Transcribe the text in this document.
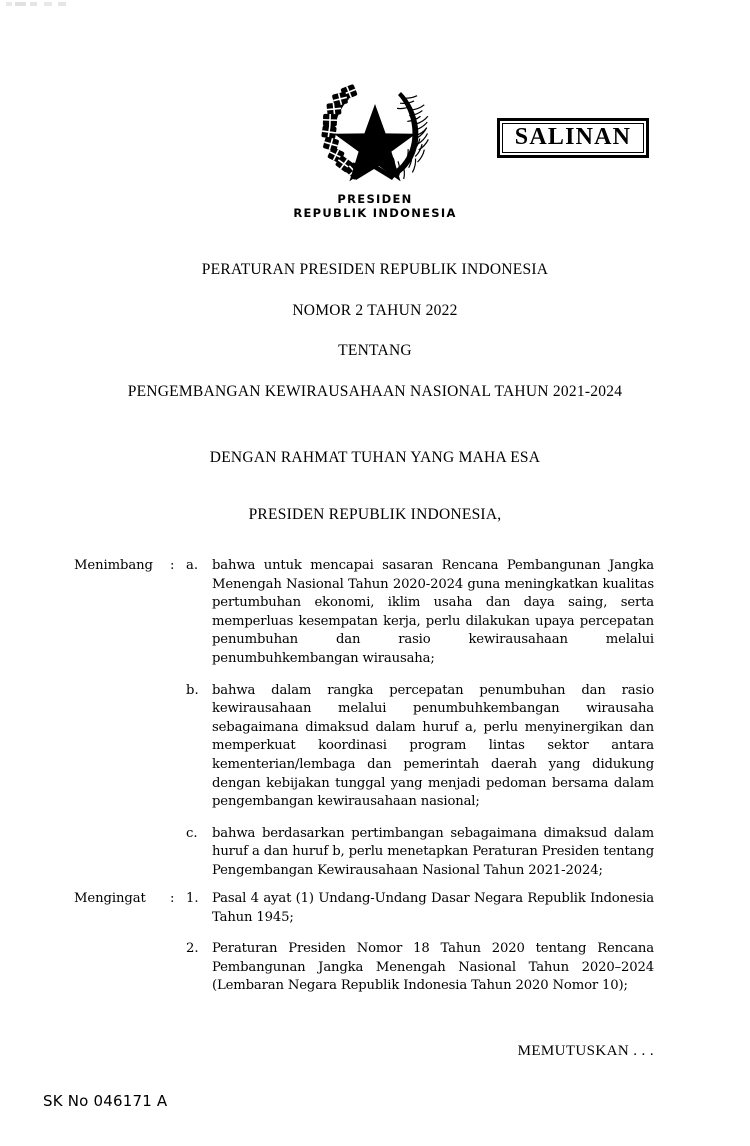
PRESIDEN
REPUBLIK INDONESIA
SALINAN
PERATURAN PRESIDEN REPUBLIK INDONESIA
NOMOR 2 TAHUN 2022
TENTANG
PENGEMBANGAN KEWIRAUSAHAAN NASIONAL TAHUN 2021-2024
DENGAN RAHMAT TUHAN YANG MAHA ESA
PRESIDEN REPUBLIK INDONESIA,
Menimbang	: a.	bahwa untuk mencapai sasaran Rencana Pembangunan Jangka Menengah Nasional Tahun 2020-2024 guna meningkatkan kualitas pertumbuhan ekonomi, iklim usaha dan daya saing, serta memperluas kesempatan kerja, perlu dilakukan upaya percepatan penumbuhan dan rasio kewirausahaan melalui penumbuhkembangan wirausaha;
b.	bahwa dalam rangka percepatan penumbuhan dan rasio kewirausahaan melalui penumbuhkembangan wirausaha sebagaimana dimaksud dalam huruf a, perlu menyinergikan dan memperkuat koordinasi program lintas sektor antara kementerian/lembaga dan pemerintah daerah yang didukung dengan kebijakan tunggal yang menjadi pedoman bersama dalam pengembangan kewirausahaan nasional;
c.	bahwa berdasarkan pertimbangan sebagaimana dimaksud dalam huruf a dan huruf b, perlu menetapkan Peraturan Presiden tentang Pengembangan Kewirausahaan Nasional Tahun 2021-2024;
Mengingat	: 1.	Pasal 4 ayat (1) Undang-Undang Dasar Negara Republik Indonesia Tahun 1945;
2.	Peraturan Presiden Nomor 18 Tahun 2020 tentang Rencana Pembangunan Jangka Menengah Nasional Tahun 2020–2024 (Lembaran Negara Republik Indonesia Tahun 2020 Nomor 10);
MEMUTUSKAN . . .
SK No 046171 A
